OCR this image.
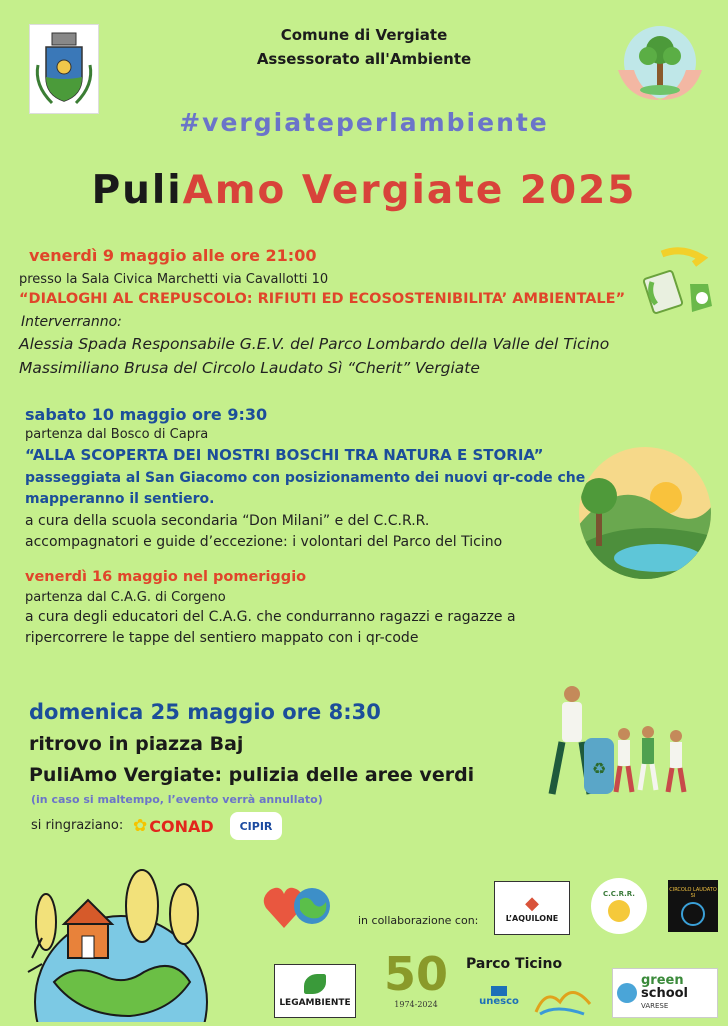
Comune di Vergiate
Assessorato all'Ambiente
#vergiateperlambiente
PuliAmo Vergiate 2025
venerdì 9 maggio alle ore 21:00
presso la Sala Civica Marchetti via Cavallotti 10
“DIALOGHI AL CREPUSCOLO: RIFIUTI ED ECOSOSTENIBILITA’ AMBIENTALE”
Interverranno:
Alessia Spada Responsabile G.E.V. del Parco Lombardo della Valle del Ticino
Massimiliano Brusa del Circolo Laudato Sì “Cherit” Vergiate
sabato 10 maggio ore 9:30
partenza dal Bosco di Capra
“ALLA SCOPERTA DEI NOSTRI BOSCHI TRA NATURA E STORIA”
passeggiata al San Giacomo con posizionamento dei nuovi qr-code che
mapperanno il sentiero.
a cura della scuola secondaria “Don Milani” e del C.C.R.R.
accompagnatori e guide d’eccezione: i volontari del Parco del Ticino
venerdì 16 maggio nel pomeriggio
partenza dal C.A.G. di Corgeno
a cura degli educatori del C.A.G. che condurranno ragazzi e ragazze a
ripercorrere le tappe del sentiero mappato con i qr-code
domenica 25 maggio ore 8:30
ritrovo in piazza Baj
PuliAmo Vergiate: pulizia delle aree verdi
(in caso si maltempo, l’evento verrà annullato)
♻
si ringraziano: ✿ CONAD CIPIR
in collaborazione con:
◆
L’AQUILONE
C.C.R.R.
CIRCOLO LAUDATO SI
LEGAMBIENTE
50
1974-2024
Parco Ticino
unesco
green
school
VARESE
